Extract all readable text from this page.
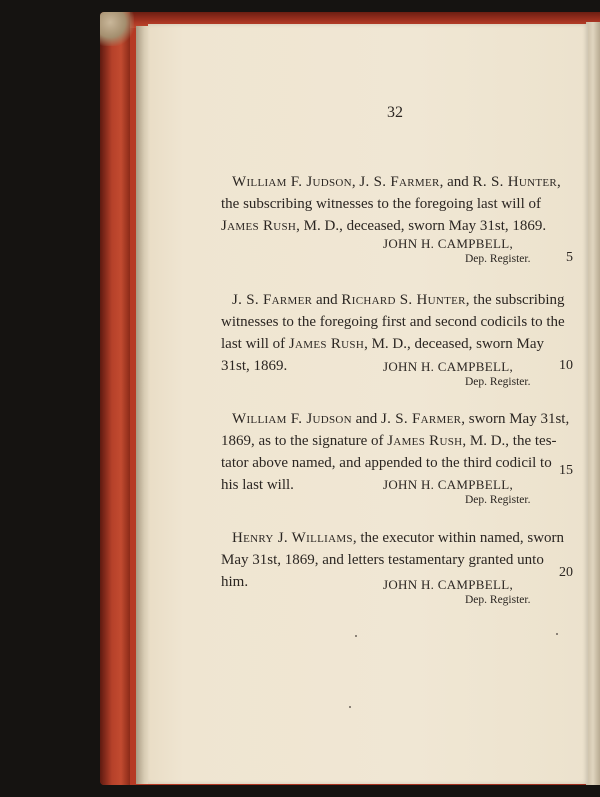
32
William F. Judson, J. S. Farmer, and R. S. Hunter,
the subscribing witnesses to the foregoing last will of
James Rush, M. D., deceased, sworn May 31st, 1869.
JOHN H. CAMPBELL,
Dep. Register.
J. S. Farmer and Richard S. Hunter, the subscribing
witnesses to the foregoing first and second codicils to the
last will of James Rush, M. D., deceased, sworn May
31st, 1869.	JOHN H. CAMPBELL,
Dep. Register.
William F. Judson and J. S. Farmer, sworn May 31st,
1869, as to the signature of James Rush, M. D., the tes-
tator above named, and appended to the third codicil to
his last will.	JOHN H. CAMPBELL,
Dep. Register.
Henry J. Williams, the executor within named, sworn
May 31st, 1869, and letters testamentary granted unto
him.	JOHN H. CAMPBELL,
Dep. Register.
5
10
15
20
